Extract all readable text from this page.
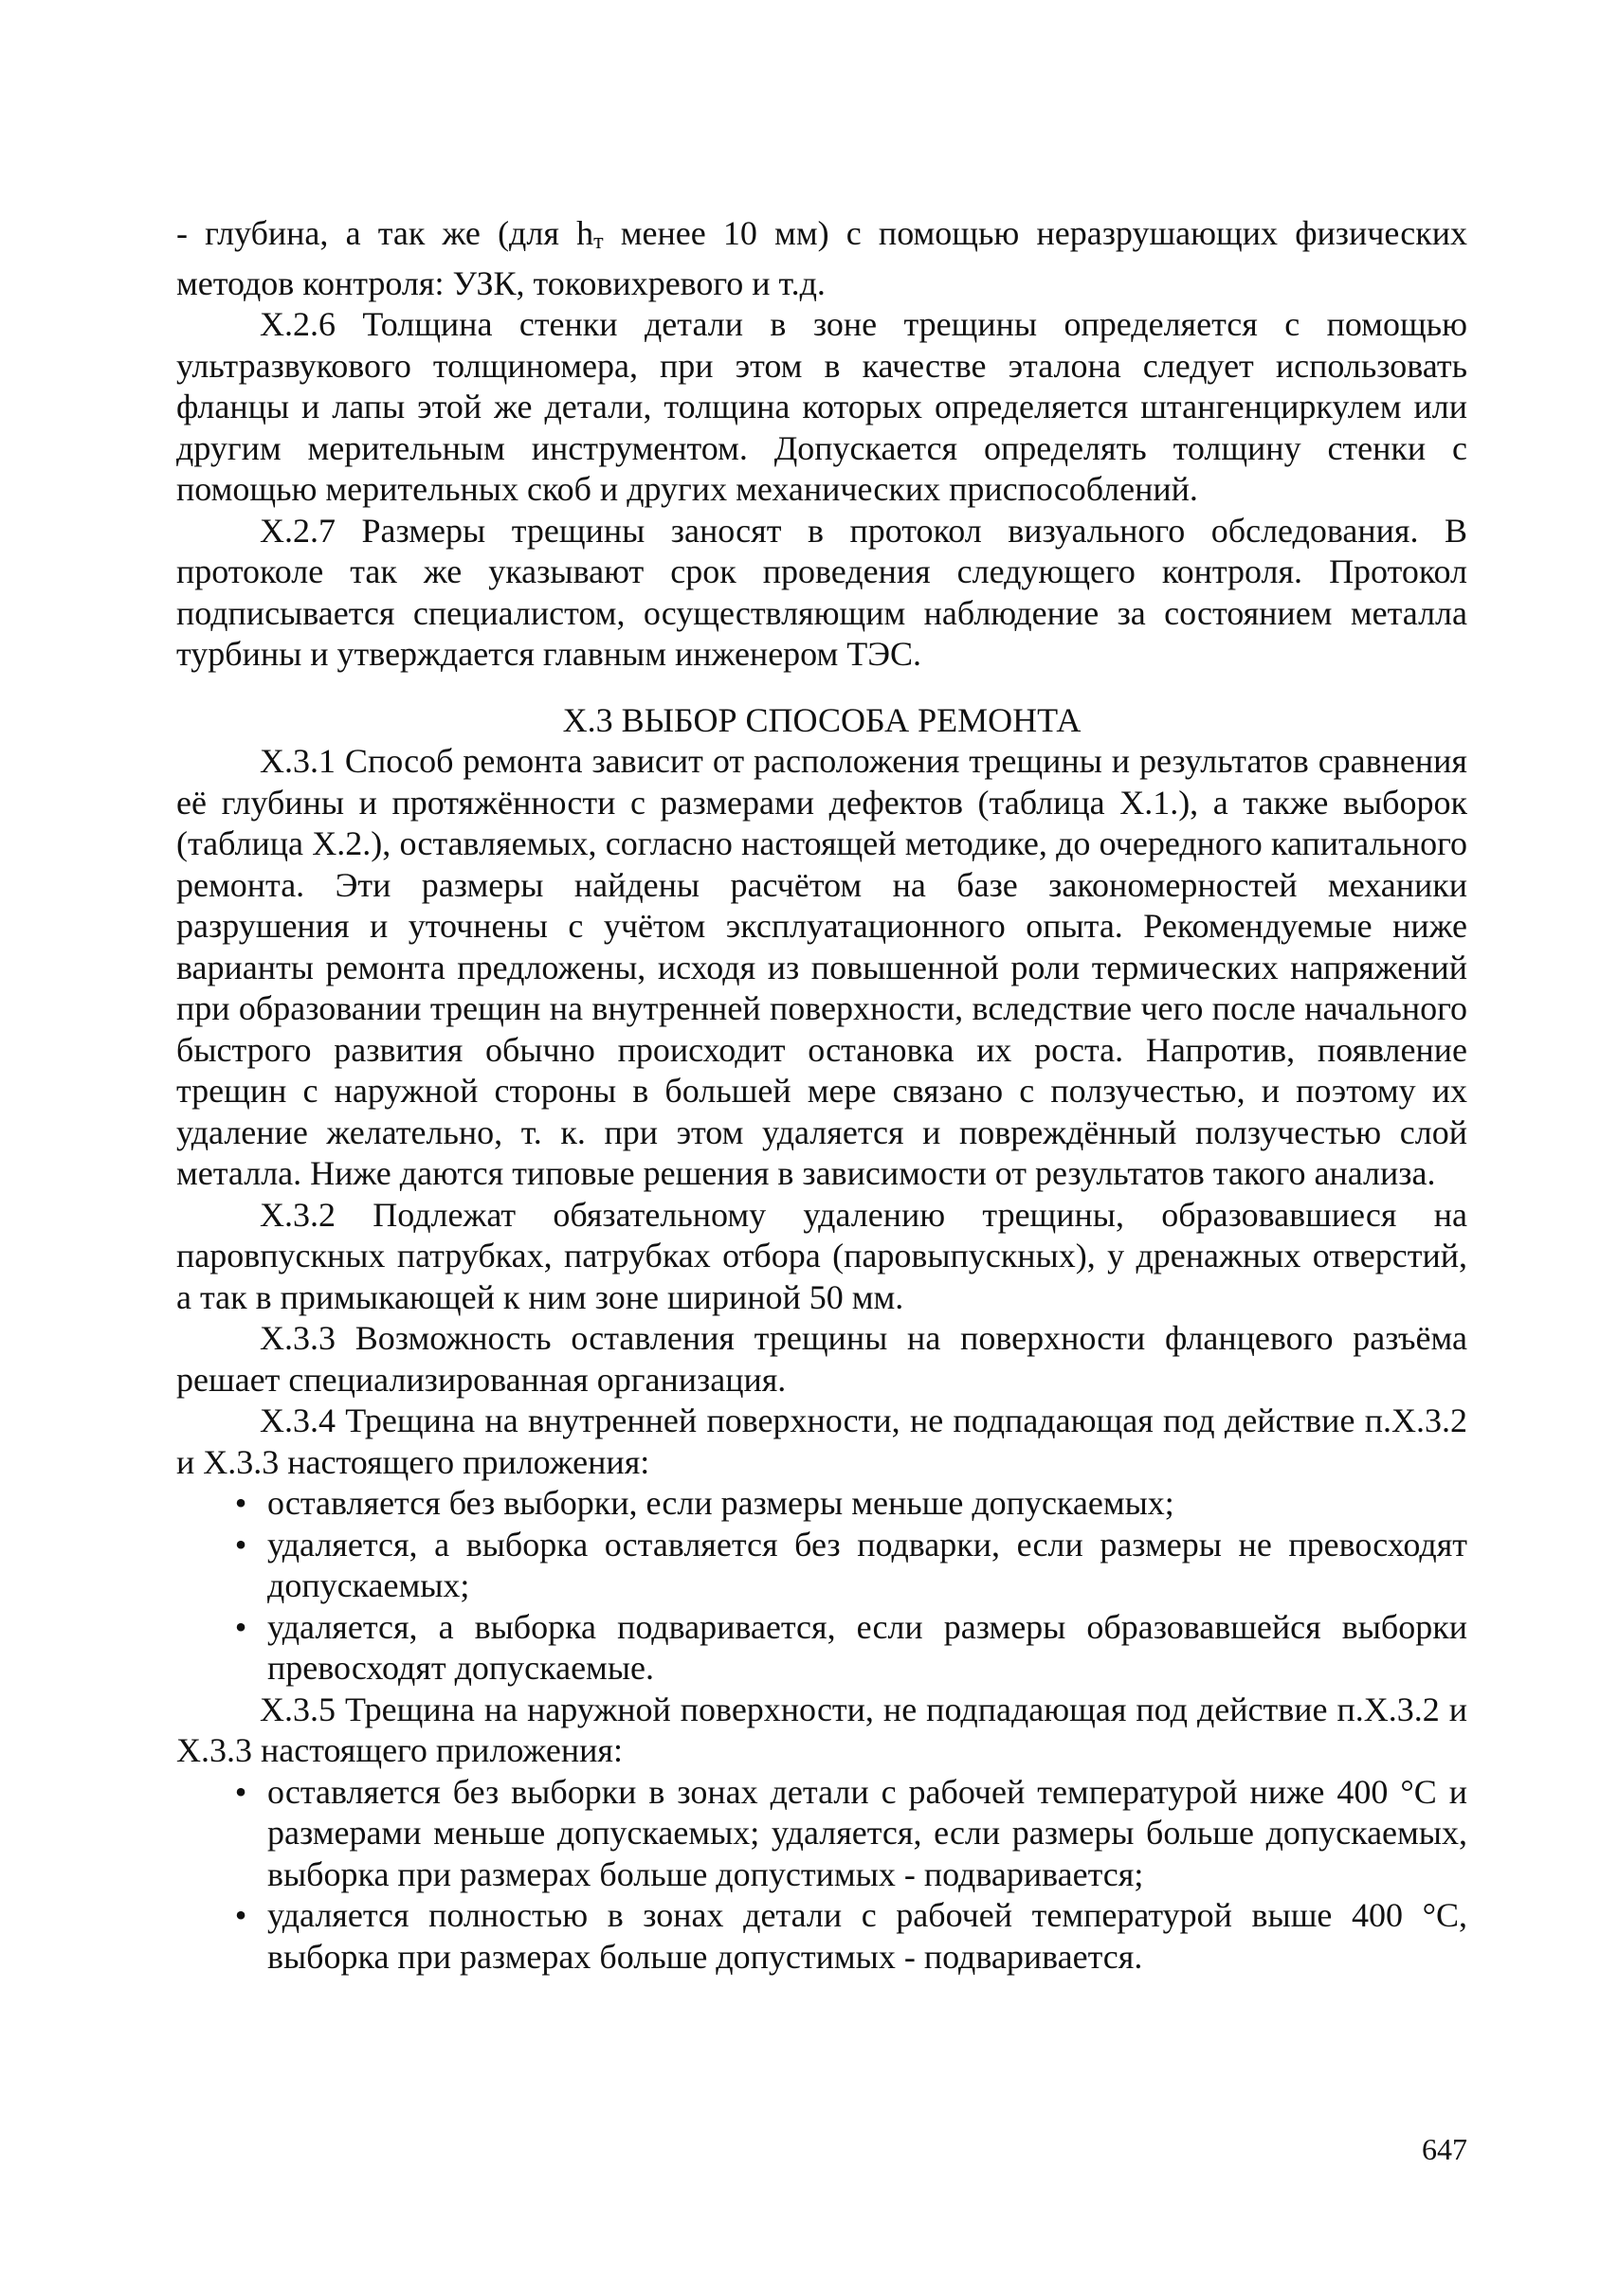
- глубина, а так же (для hт менее 10 мм) с помощью неразрушающих физических методов контроля: УЗК, токовихревого и т.д.

X.2.6 Толщина стенки детали в зоне трещины определяется с помощью ультразвукового толщиномера, при этом в качестве эталона следует использовать фланцы и лапы этой же детали, толщина которых определяется штангенциркулем или другим мерительным инструментом. Допускается определять толщину стенки с помощью мерительных скоб и других механических приспособлений.

X.2.7 Размеры трещины заносят в протокол визуального обследования. В протоколе так же указывают срок проведения следующего контроля. Протокол подписывается специалистом, осуществляющим наблюдение за состоянием металла турбины и утверждается главным инженером ТЭС.

X.3 ВЫБОР СПОСОБА РЕМОНТА

X.3.1 Способ ремонта зависит от расположения трещины и результатов сравнения её глубины и протяжённости с размерами дефектов (таблица X.1.), а также выборок (таблица X.2.), оставляемых, согласно настоящей методике, до очередного капитального ремонта. Эти размеры найдены расчётом на базе закономерностей механики разрушения и уточнены с учётом эксплуатационного опыта. Рекомендуемые ниже варианты ремонта предложены, исходя из повышенной роли термических напряжений при образовании трещин на внутренней поверхности, вследствие чего после начального быстрого развития обычно происходит остановка их роста. Напротив, появление трещин с наружной стороны в большей мере связано с ползучестью, и поэтому их удаление желательно, т. к. при этом удаляется и повреждённый ползучестью слой металла. Ниже даются типовые решения в зависимости от результатов такого анализа.

X.3.2 Подлежат обязательному удалению трещины, образовавшиеся на паровпускных патрубках, патрубках отбора (паровыпускных), у дренажных отверстий, а так в примыкающей к ним зоне шириной 50 мм.

X.3.3 Возможность оставления трещины на поверхности фланцевого разъёма решает специализированная организация.

X.3.4 Трещина на внутренней поверхности, не подпадающая под действие п.X.3.2 и X.3.3 настоящего приложения:

• оставляется без выборки, если размеры меньше допускаемых;
• удаляется, а выборка оставляется без подварки, если размеры не превосходят допускаемых;
• удаляется, а выборка подваривается, если размеры образовавшейся выборки превосходят допускаемые.

X.3.5 Трещина на наружной поверхности, не подпадающая под действие п.X.3.2 и X.3.3 настоящего приложения:

• оставляется без выборки в зонах детали с рабочей температурой ниже 400 °С и размерами меньше допускаемых; удаляется, если размеры больше допускаемых, выборка при размерах больше допустимых - подваривается;
• удаляется полностью в зонах детали с рабочей температурой выше 400 °С, выборка при размерах больше допустимых - подваривается.
647
